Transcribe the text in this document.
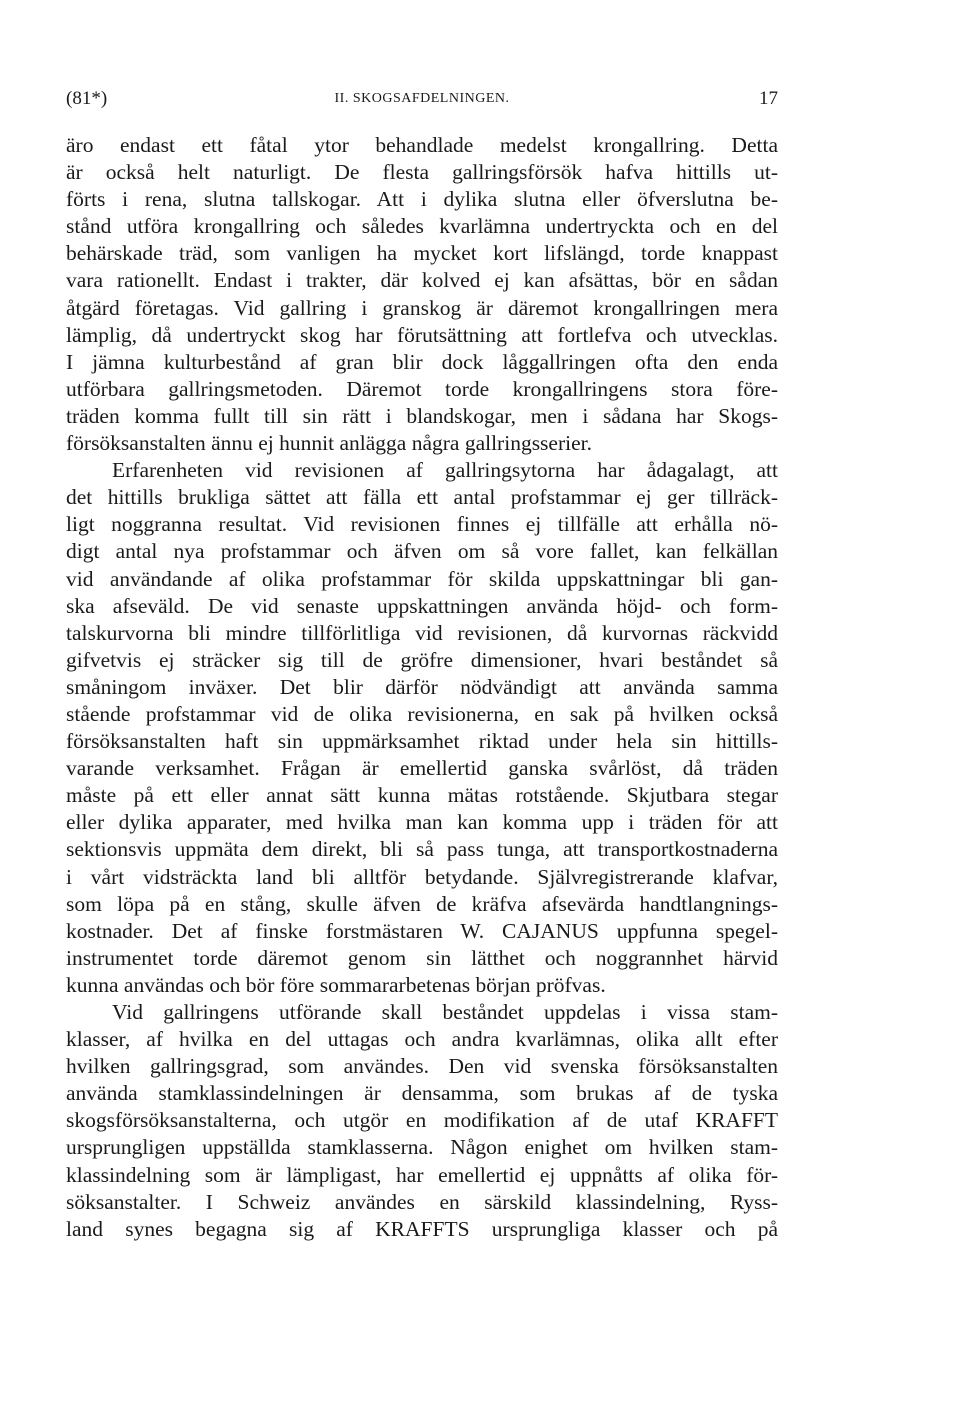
(81*)	II. SKOGSAFDELNINGEN.	17
äro endast ett fåtal ytor behandlade medelst krongallring. Detta
är också helt naturligt. De flesta gallringsförsök hafva hittills ut-
förts i rena, slutna tallskogar. Att i dylika slutna eller öfverslutna be-
stånd utföra krongallring och således kvarlämna undertryckta och en del
behärskade träd, som vanligen ha mycket kort lifslängd, torde knappast
vara rationellt. Endast i trakter, där kolved ej kan afsättas, bör en sådan
åtgärd företagas. Vid gallring i granskog är däremot krongallringen mera
lämplig, då undertryckt skog har förutsättning att fortlefva och utvecklas.
I jämna kulturbestånd af gran blir dock låggallringen ofta den enda
utförbara gallringsmetoden. Däremot torde krongallringens stora före-
träden komma fullt till sin rätt i blandskogar, men i sådana har Skogs-
försöksanstalten ännu ej hunnit anlägga några gallringsserier.
Erfarenheten vid revisionen af gallringsytorna har ådagalagt, att
det hittills brukliga sättet att fälla ett antal profstammar ej ger tillräck-
ligt noggranna resultat. Vid revisionen finnes ej tillfälle att erhålla nö-
digt antal nya profstammar och äfven om så vore fallet, kan felkällan
vid användande af olika profstammar för skilda uppskattningar bli gan-
ska afseväld. De vid senaste uppskattningen använda höjd- och form-
talskurvorna bli mindre tillförlitliga vid revisionen, då kurvornas räckvidd
gifvetvis ej sträcker sig till de gröfre dimensioner, hvari beståndet så
småningom inväxer. Det blir därför nödvändigt att använda samma
stående profstammar vid de olika revisionerna, en sak på hvilken också
försöksanstalten haft sin uppmärksamhet riktad under hela sin hittills-
varande verksamhet. Frågan är emellertid ganska svårlöst, då träden
måste på ett eller annat sätt kunna mätas rotstående. Skjutbara stegar
eller dylika apparater, med hvilka man kan komma upp i träden för att
sektionsvis uppmäta dem direkt, bli så pass tunga, att transportkostnaderna
i vårt vidsträckta land bli alltför betydande. Självregistrerande klafvar,
som löpa på en stång, skulle äfven de kräfva afsevärda handtlangnings-
kostnader. Det af finske forstmästaren W. CAJANUS uppfunna spegel-
instrumentet torde däremot genom sin lätthet och noggrannhet härvid
kunna användas och bör före sommararbetenas början pröfvas.
Vid gallringens utförande skall beståndet uppdelas i vissa stam-
klasser, af hvilka en del uttagas och andra kvarlämnas, olika allt efter
hvilken gallringsgrad, som användes. Den vid svenska försöksanstalten
använda stamklassindelningen är densamma, som brukas af de tyska
skogsförsöksanstalterna, och utgör en modifikation af de utaf KRAFFT
ursprungligen uppställda stamklasserna. Någon enighet om hvilken stam-
klassindelning som är lämpligast, har emellertid ej uppnåtts af olika för-
söksanstalter. I Schweiz användes en särskild klassindelning, Ryss-
land synes begagna sig af KRAFFTS ursprungliga klasser och på
